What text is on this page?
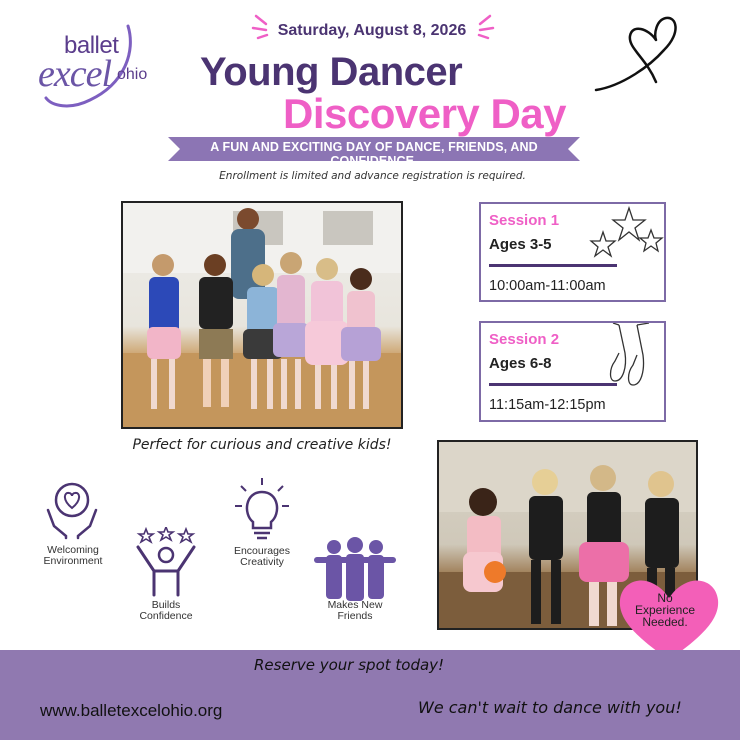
ballet
excel ohio
Saturday, August 8, 2026
Young Dancer
Discovery Day
A FUN AND EXCITING DAY OF DANCE, FRIENDS, AND CONFIDENCE.
Enrollment is limited and advance registration is required.
Perfect for curious and creative kids!
Session 1
Ages 3-5
10:00am-11:00am
Session 2
Ages 6-8
11:15am-12:15pm
Welcoming
Environment
Builds
Confidence
Encourages
Creativity
Makes New
Friends
No
Experience
Needed.
Reserve your spot today!
www.balletexcelohio.org	We can't wait to dance with you!
